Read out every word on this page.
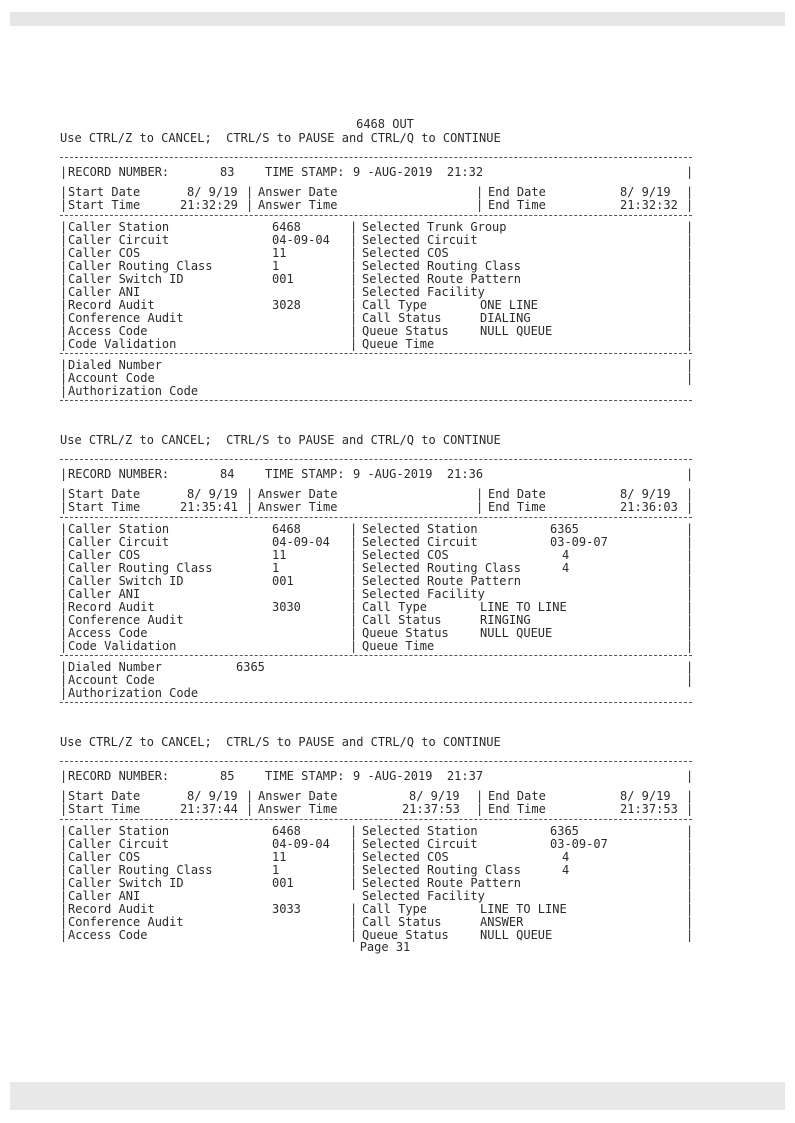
6468 OUT
Use CTRL/Z to CANCEL;  CTRL/S to PAUSE and CTRL/Q to CONTINUE
| RECORD NUMBER:	83	TIME STAMP: 9 -AUG-2019  21:32	|
| Start Date	8/ 9/19 | Answer Date	| End Date	8/ 9/19 |
| Start Time	21:32:29 | Answer Time	| End Time	21:32:32 |
| Caller Station	6468	| Selected Trunk Group	|
| Caller Circuit	04-09-04 | Selected Circuit	|
| Caller COS	11	| Selected COS	|
| Caller Routing Class	1	| Selected Routing Class	|
| Caller Switch ID	001	| Selected Route Pattern	|
| Caller ANI	| Selected Facility	|
| Record Audit	3028	| Call Type	ONE LINE	|
| Conference Audit	| Call Status	DIALING	|
| Access Code	| Queue Status	NULL QUEUE	|
| Code Validation	| Queue Time	|
| Dialed Number	|
| Account Code	|
| Authorization Code
Use CTRL/Z to CANCEL;  CTRL/S to PAUSE and CTRL/Q to CONTINUE
| RECORD NUMBER:	84	TIME STAMP: 9 -AUG-2019  21:36	|
| Start Date	8/ 9/19 | Answer Date	| End Date	8/ 9/19 |
| Start Time	21:35:41 | Answer Time	| End Time	21:36:03 |
| Caller Station	6468	| Selected Station	6365	|
| Caller Circuit	04-09-04 | Selected Circuit	03-09-07	|
| Caller COS	11	| Selected COS	4	|
| Caller Routing Class	1	| Selected Routing Class	4	|
| Caller Switch ID	001	| Selected Route Pattern	|
| Caller ANI	| Selected Facility	|
| Record Audit	3030	| Call Type	LINE TO LINE	|
| Conference Audit	| Call Status	RINGING	|
| Access Code	| Queue Status	NULL QUEUE	|
| Code Validation	| Queue Time	|
| Dialed Number	6365	|
| Account Code	|
| Authorization Code
Use CTRL/Z to CANCEL;  CTRL/S to PAUSE and CTRL/Q to CONTINUE
| RECORD NUMBER:	85	TIME STAMP: 9 -AUG-2019  21:37	|
| Start Date	8/ 9/19 | Answer Date	8/ 9/19 | End Date	8/ 9/19 |
| Start Time	21:37:44 | Answer Time	21:37:53 | End Time	21:37:53 |
| Caller Station	6468	| Selected Station	6365	|
| Caller Circuit	04-09-04 | Selected Circuit	03-09-07	|
| Caller COS	11	| Selected COS	4	|
| Caller Routing Class	1	| Selected Routing Class	4	|
| Caller Switch ID	001	| Selected Route Pattern	|
| Caller ANI	Selected Facility	|
| Record Audit	3033	| Call Type	LINE TO LINE	|
| Conference Audit	| Call Status	ANSWER	|
| Access Code	| Queue Status	NULL QUEUE	|
Page 31
